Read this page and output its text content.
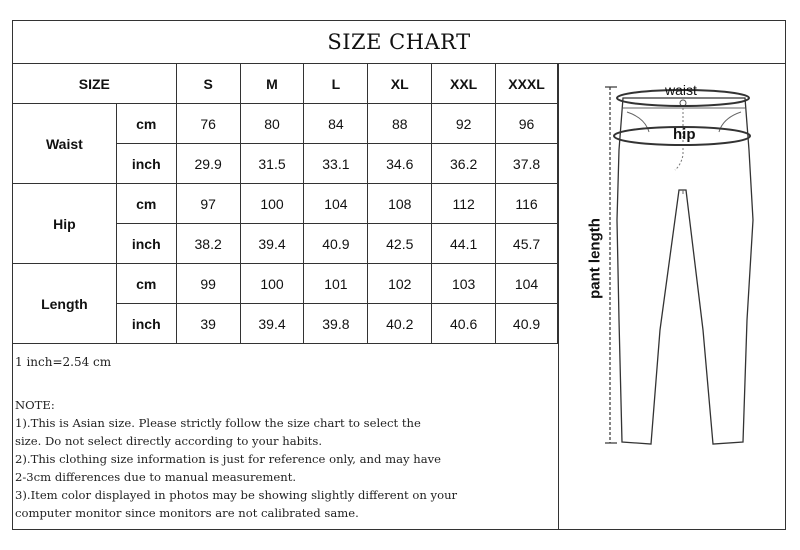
SIZE CHART
SIZE		S	M	L	XL	XXL	XXXL
Waist	cm	76	80	84	88	92	96
	inch	29.9	31.5	33.1	34.6	36.2	37.8
Hip	cm	97	100	104	108	112	116
	inch	38.2	39.4	40.9	42.5	44.1	45.7
Length	cm	99	100	101	102	103	104
	inch	39	39.4	39.8	40.2	40.6	40.9
1 inch=2.54 cm
NOTE:
1).This is Asian size. Please strictly follow the size chart to select the
size. Do not select directly according to your habits.
2).This clothing size information is just for reference only, and may have
2-3cm differences due to manual measurement.
3).Item color displayed in photos may be showing slightly different on your
computer monitor since monitors are not calibrated same.
waist
hip
pant length
